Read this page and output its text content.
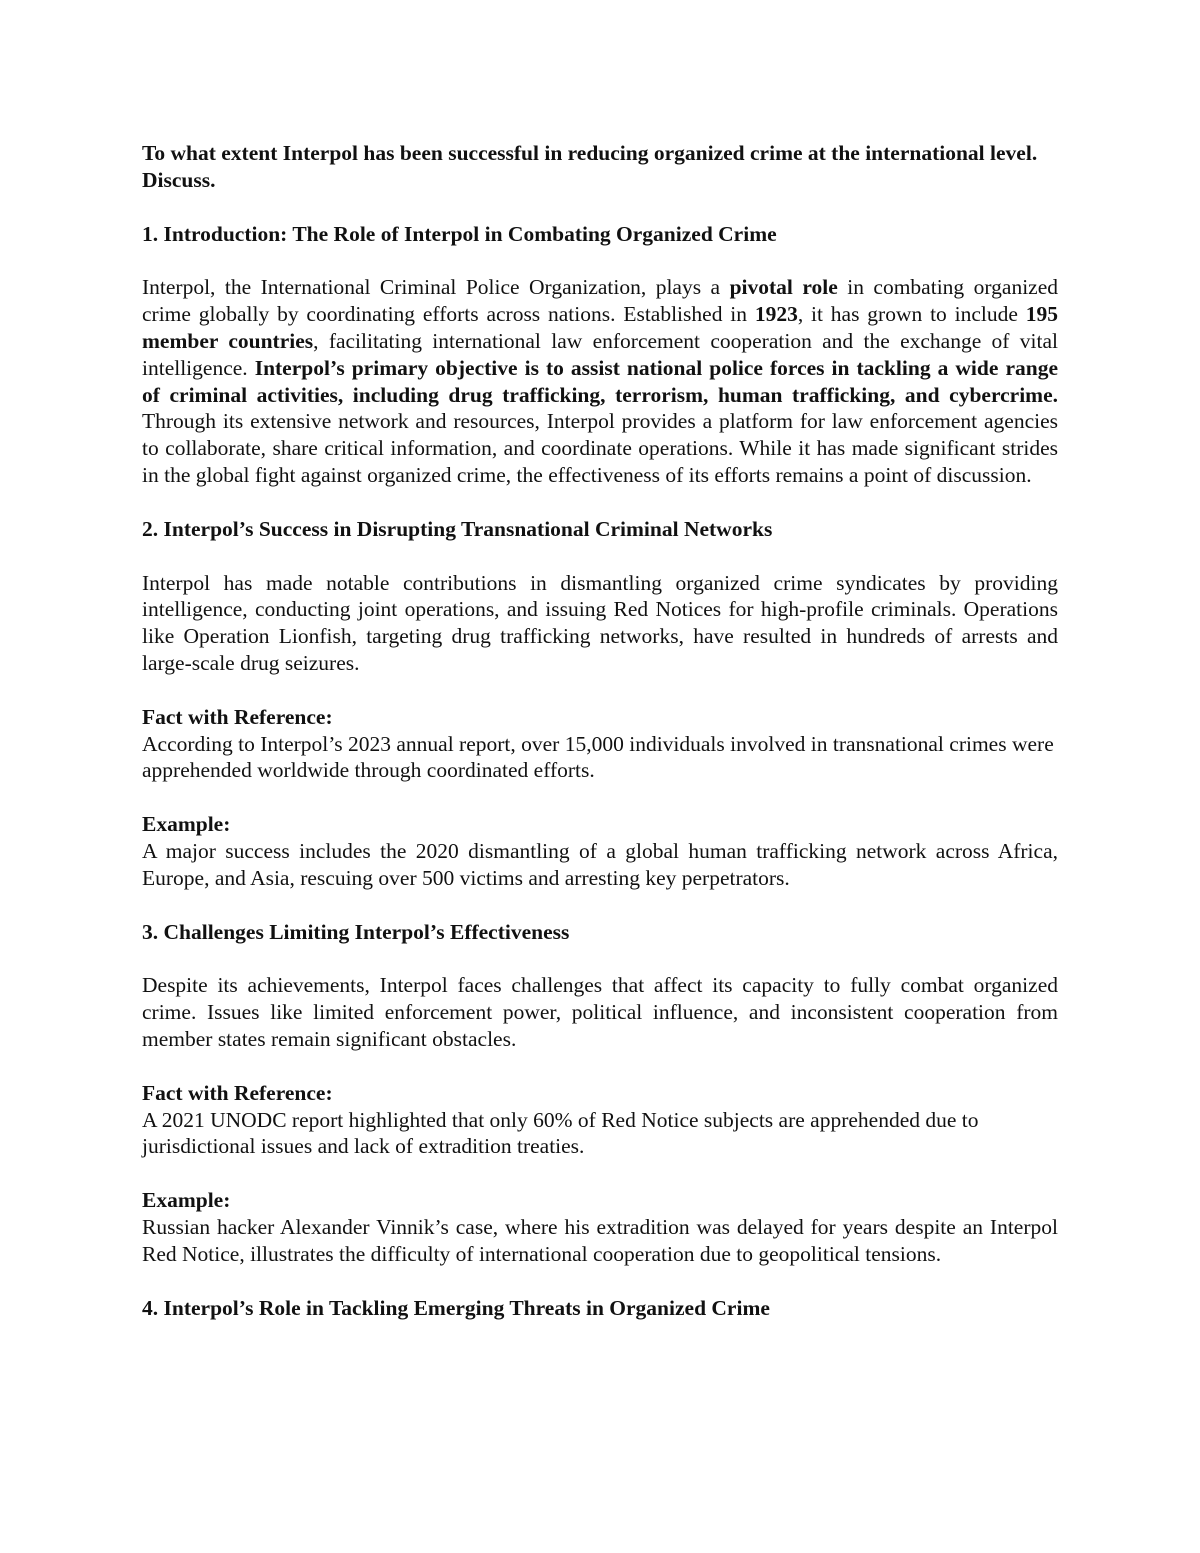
To what extent Interpol has been successful in reducing organized crime at the international level. Discuss.
1. Introduction: The Role of Interpol in Combating Organized Crime
Interpol, the International Criminal Police Organization, plays a pivotal role in combating organized crime globally by coordinating efforts across nations. Established in 1923, it has grown to include 195 member countries, facilitating international law enforcement cooperation and the exchange of vital intelligence. Interpol’s primary objective is to assist national police forces in tackling a wide range of criminal activities, including drug trafficking, terrorism, human trafficking, and cybercrime. Through its extensive network and resources, Interpol provides a platform for law enforcement agencies to collaborate, share critical information, and coordinate operations. While it has made significant strides in the global fight against organized crime, the effectiveness of its efforts remains a point of discussion.
2. Interpol’s Success in Disrupting Transnational Criminal Networks
Interpol has made notable contributions in dismantling organized crime syndicates by providing intelligence, conducting joint operations, and issuing Red Notices for high-profile criminals. Operations like Operation Lionfish, targeting drug trafficking networks, have resulted in hundreds of arrests and large-scale drug seizures.
Fact with Reference:
According to Interpol’s 2023 annual report, over 15,000 individuals involved in transnational crimes were apprehended worldwide through coordinated efforts.
Example:
A major success includes the 2020 dismantling of a global human trafficking network across Africa, Europe, and Asia, rescuing over 500 victims and arresting key perpetrators.
3. Challenges Limiting Interpol’s Effectiveness
Despite its achievements, Interpol faces challenges that affect its capacity to fully combat organized crime. Issues like limited enforcement power, political influence, and inconsistent cooperation from member states remain significant obstacles.
Fact with Reference:
A 2021 UNODC report highlighted that only 60% of Red Notice subjects are apprehended due to jurisdictional issues and lack of extradition treaties.
Example:
Russian hacker Alexander Vinnik’s case, where his extradition was delayed for years despite an Interpol Red Notice, illustrates the difficulty of international cooperation due to geopolitical tensions.
4. Interpol’s Role in Tackling Emerging Threats in Organized Crime
